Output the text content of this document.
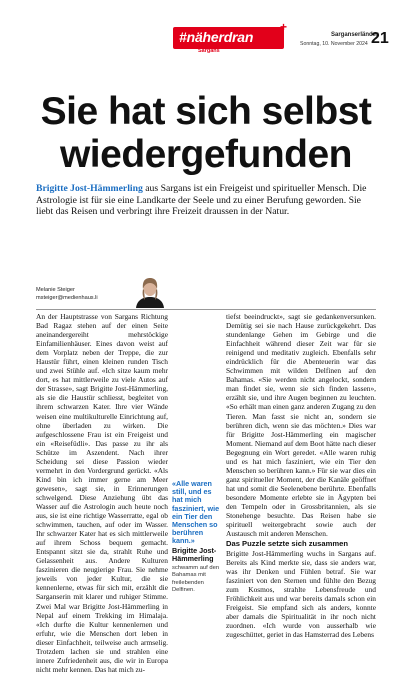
#näherdran
+
Sargans
Sarganserländer
Sonntag, 10. November 2024 21
Sie hat sich selbst wiedergefunden

Brigitte Jost-Hämmerling aus Sargans ist ein Freigeist und spiritueller Mensch. Die Astrologie ist für sie eine Landkarte der Seele und zu einer Berufung geworden. Sie liebt das Reisen und verbringt ihre Freizeit draussen in der Natur.

Melanie Steiger
msteiger@medienhaus.li

An der Hauptstrasse von Sargans Richtung Bad Ragaz stehen auf der einen Seite aneinandergereiht mehrstöckige Einfamilienhäuser. Eines davon weist auf dem Vorplatz neben der Treppe, die zur Haustür führt, einen kleinen runden Tisch und zwei Stühle auf. «Ich sitze kaum mehr dort, es hat mittlerweile zu viele Autos auf der Strasse», sagt Brigitte Jost-Hämmerling, als sie die Haustür schliesst, begleitet von ihrem schwarzen Kater. Ihre vier Wände weisen eine multikulturelle Einrichtung auf, ohne überladen zu wirken. Die aufgeschlossene Frau ist ein Freigeist und ein «Reisefüdli». Das passe zu ihr als Schütze im Aszendent. Nach ihrer Scheidung sei diese Passion wieder vermehrt in den Vordergrund gerückt. «Als Kind bin ich immer gerne am Meer gewesen», sagt sie, in Erinnerungen schwelgend. Diese Anziehung übt das Wasser auf die Astrologin auch heute noch aus, sie ist eine richtige Wasserratte, egal ob schwimmen, tauchen, auf oder im Wasser. Ihr schwarzer Kater hat es sich mittlerweile auf ihrem Schoss bequem gemacht. Entspannt sitzt sie da, strahlt Ruhe und Gelassenheit aus. Andere Kulturen faszinieren die neugierige Frau. Sie nehme jeweils von jeder Kultur, die sie kennenlerne, etwas für sich mit, erzählt die Sarganserin mit klarer und ruhiger Stimme. Zwei Mal war Brigitte Jost-Hämmerling in Nepal auf einem Trekking im Himalaja. «Ich durfte die Kultur kennenlernen und erfuhr, wie die Menschen dort leben in dieser Einfachheit, teilweise auch armselig. Trotzdem lachen sie und strahlen eine innere Zufriedenheit aus, die wir in Europa nicht mehr kennen. Das hat mich zu-

«Alle waren still, und es hat mich fasziniert, wie ein Tier den Menschen so berühren kann.»
Brigitte Jost-Hämmerling
schwamm auf den Bahamas mit freilebenden Delfinen.

tiefst beeindruckt», sagt sie gedankenversunken. Demütig sei sie nach Hause zurückgekehrt. Das stundenlange Gehen im Gebirge und die Einfachheit während dieser Zeit war für sie reinigend und meditativ zugleich. Ebenfalls sehr eindrücklich für die Abenteuerin war das Schwimmen mit wilden Delfinen auf den Bahamas. «Sie werden nicht angelockt, sondern man findet sie, wenn sie sich finden lassen», erzählt sie, und ihre Augen beginnen zu leuchten. «So erhält man einen ganz anderen Zugang zu den Tieren. Man fasst sie nicht an, sondern sie berühren dich, wenn sie das möchten.» Dies war für Brigitte Jost-Hämmerling ein magischer Moment. Niemand auf dem Boot hätte nach dieser Begegnung ein Wort geredet. «Alle waren ruhig und es hat mich fasziniert, wie ein Tier den Menschen so berühren kann.» Für sie war dies ein ganz spiritueller Moment, der die Kanäle geöffnet hat und somit die Seelenebene berührte. Ebenfalls besondere Momente erlebte sie in Ägypten bei den Tempeln oder in Grossbritannien, als sie Stonehenge besuchte. Das Reisen habe sie spirituell weitergebracht sowie auch der Austausch mit anderen Menschen.

Das Puzzle setzte sich zusammen

Brigitte Jost-Hämmerling wuchs in Sargans auf. Bereits als Kind merkte sie, dass sie anders war, was ihr Denken und Fühlen betraf. Sie war fasziniert von den Sternen und fühlte den Bezug zum Kosmos, strahlte Lebensfreude und Fröhlichkeit aus und war bereits damals schon ein Freigeist. Sie empfand sich als anders, konnte aber damals die Spiritualität in ihr noch nicht zuordnen. «Ich wurde von ausserhalb wie zugeschüttet, geriet in das Hamsterrad des Lebens
